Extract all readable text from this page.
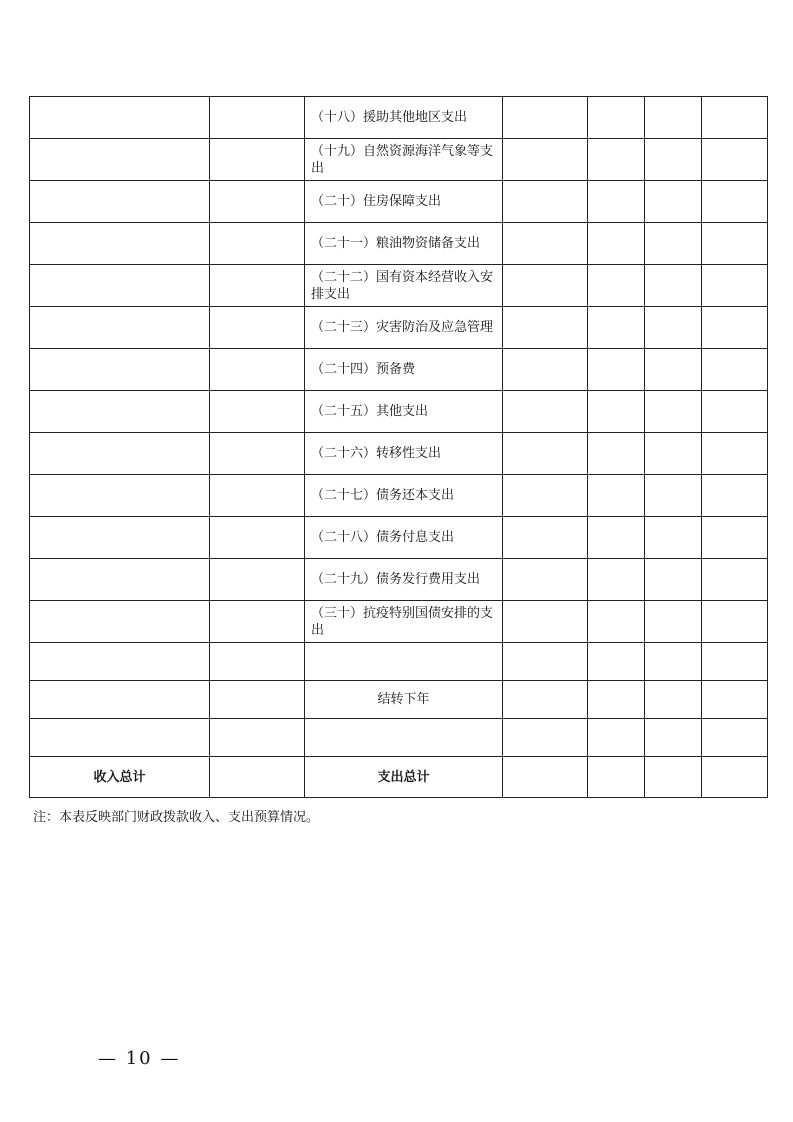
		（十八）援助其他地区支出				
		（十九）自然资源海洋气象等支出				
		（二十）住房保障支出				
		（二十一）粮油物资储备支出				
		（二十二）国有资本经营收入安排支出				
		（二十三）灾害防治及应急管理				
		（二十四）预备费				
		（二十五）其他支出				
		（二十六）转移性支出				
		（二十七）债务还本支出				
		（二十八）债务付息支出				
		（二十九）债务发行费用支出				
		（三十）抗疫特别国债安排的支出				

		结转下年				

收入总计		支出总计				
注：本表反映部门财政拨款收入、支出预算情况。
— 10 —
